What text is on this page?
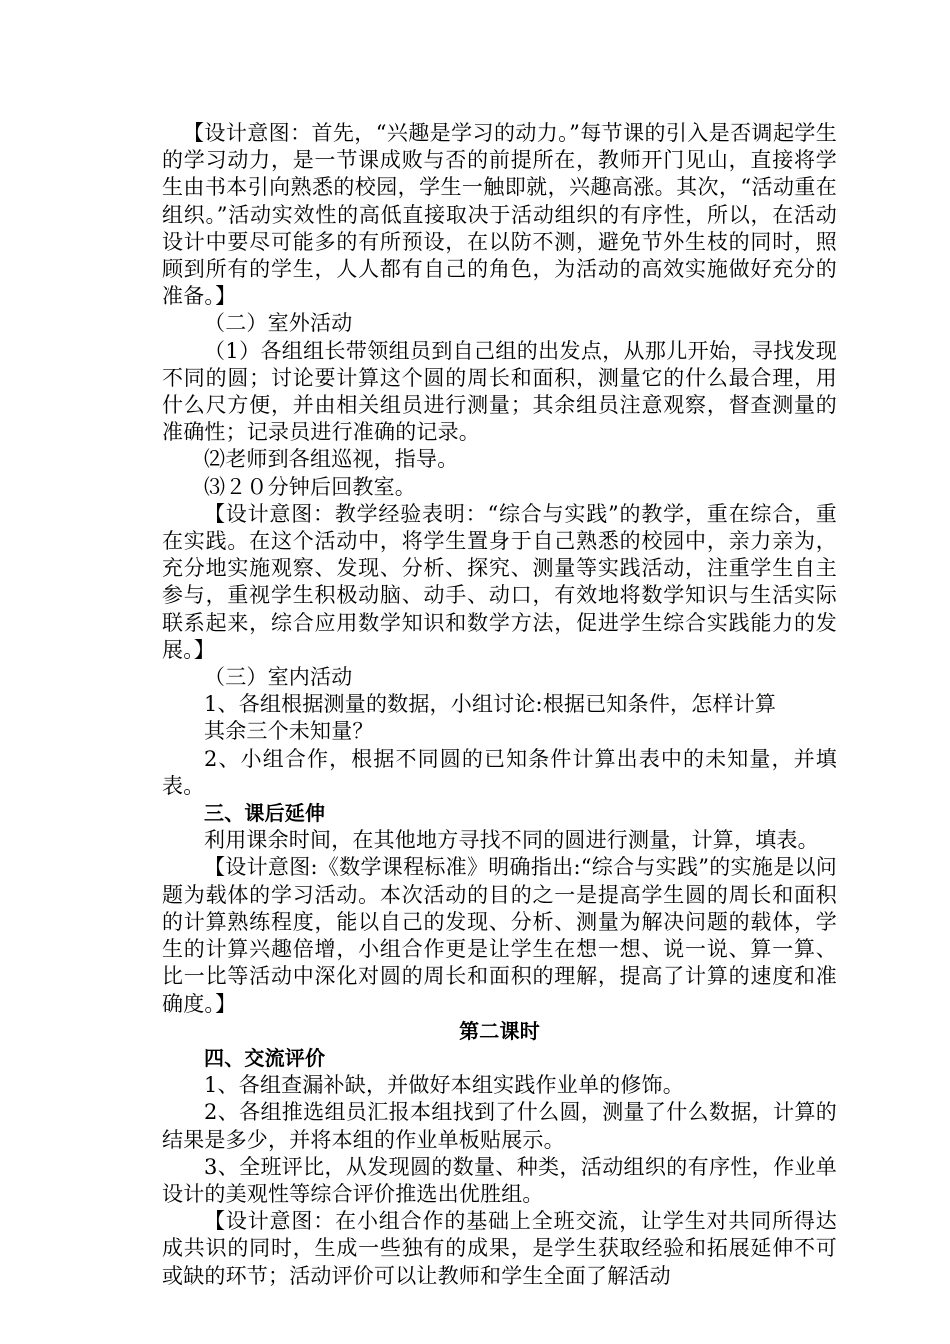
【设计意图：首先，“兴趣是学习的动力。”每节课的引入是否调起学生的学习动力，是一节课成败与否的前提所在，教师开门见山，直接将学生由书本引向熟悉的校园，学生一触即就，兴趣高涨。其次，“活动重在组织。”活动实效性的高低直接取决于活动组织的有序性，所以，在活动设计中要尽可能多的有所预设，在以防不测，避免节外生枝的同时，照顾到所有的学生，人人都有自己的角色，为活动的高效实施做好充分的准备。】

（二）室外活动

（1）各组组长带领组员到自己组的出发点，从那儿开始，寻找发现不同的圆；讨论要计算这个圆的周长和面积，测量它的什么最合理，用什么尺方便，并由相关组员进行测量；其余组员注意观察，督查测量的准确性；记录员进行准确的记录。

⑵老师到各组巡视，指导。

⑶２０分钟后回教室。

【设计意图：教学经验表明：“综合与实践”的教学，重在综合，重在实践。在这个活动中，将学生置身于自己熟悉的校园中，亲力亲为，充分地实施观察、发现、分析、探究、测量等实践活动，注重学生自主参与，重视学生积极动脑、动手、动口，有效地将数学知识与生活实际联系起来，综合应用数学知识和数学方法，促进学生综合实践能力的发展。】

（三）室内活动

1、各组根据测量的数据，小组讨论:根据已知条件，怎样计算

其余三个未知量？

2、小组合作，根据不同圆的已知条件计算出表中的未知量，并填表。

三、课后延伸

利用课余时间，在其他地方寻找不同的圆进行测量，计算，填表。

【设计意图:《数学课程标准》明确指出:“综合与实践”的实施是以问题为载体的学习活动。本次活动的目的之一是提高学生圆的周长和面积的计算熟练程度，能以自己的发现、分析、测量为解决问题的载体，学生的计算兴趣倍增，小组合作更是让学生在想一想、说一说、算一算、比一比等活动中深化对圆的周长和面积的理解，提高了计算的速度和准确度。】

第二课时

四、交流评价

1、各组查漏补缺，并做好本组实践作业单的修饰。

2、各组推选组员汇报本组找到了什么圆，测量了什么数据，计算的结果是多少，并将本组的作业单板贴展示。

3、全班评比，从发现圆的数量、种类，活动组织的有序性，作业单设计的美观性等综合评价推选出优胜组。

【设计意图：在小组合作的基础上全班交流，让学生对共同所得达成共识的同时，生成一些独有的成果，是学生获取经验和拓展延伸不可或缺的环节；活动评价可以让教师和学生全面了解活动
